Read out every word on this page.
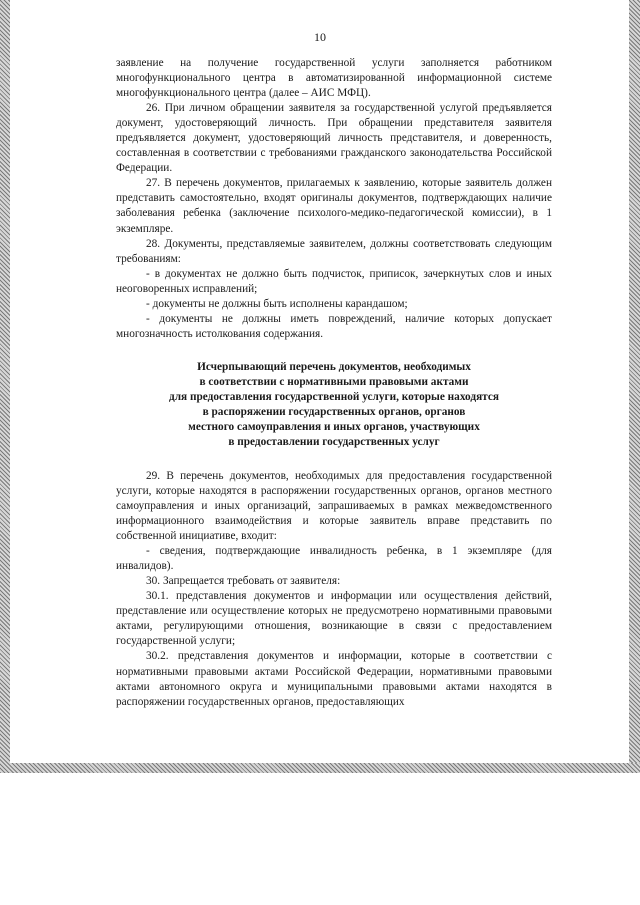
10

заявление на получение государственной услуги заполняется работником многофункционального центра в автоматизированной информационной системе многофункционального центра (далее – АИС МФЦ).

26. При личном обращении заявителя за государственной услугой предъявляется документ, удостоверяющий личность. При обращении представителя заявителя предъявляется документ, удостоверяющий личность представителя, и доверенность, составленная в соответствии с требованиями гражданского законодательства Российской Федерации.

27. В перечень документов, прилагаемых к заявлению, которые заявитель должен представить самостоятельно, входят оригиналы документов, подтверждающих наличие заболевания ребенка (заключение психолого-медико-педагогической комиссии), в 1 экземпляре.

28. Документы, представляемые заявителем, должны соответствовать следующим требованиям:

- в документах не должно быть подчисток, приписок, зачеркнутых слов и иных неоговоренных исправлений;

- документы не должны быть исполнены карандашом;

- документы не должны иметь повреждений, наличие которых допускает многозначность истолкования содержания.

Исчерпывающий перечень документов, необходимых
в соответствии с нормативными правовыми актами
для предоставления государственной услуги, которые находятся
в распоряжении государственных органов, органов
местного самоуправления и иных органов, участвующих
в предоставлении государственных услуг

29. В перечень документов, необходимых для предоставления государственной услуги, которые находятся в распоряжении государственных органов, органов местного самоуправления и иных организаций, запрашиваемых в рамках межведомственного информационного взаимодействия и которые заявитель вправе представить по собственной инициативе, входит:

- сведения, подтверждающие инвалидность ребенка, в 1 экземпляре (для инвалидов).

30. Запрещается требовать от заявителя:

30.1. представления документов и информации или осуществления действий, представление или осуществление которых не предусмотрено нормативными правовыми актами, регулирующими отношения, возникающие в связи с предоставлением государственной услуги;

30.2. представления документов и информации, которые в соответствии с нормативными правовыми актами Российской Федерации, нормативными правовыми актами автономного округа и муниципальными правовыми актами находятся в распоряжении государственных органов, предоставляющих
